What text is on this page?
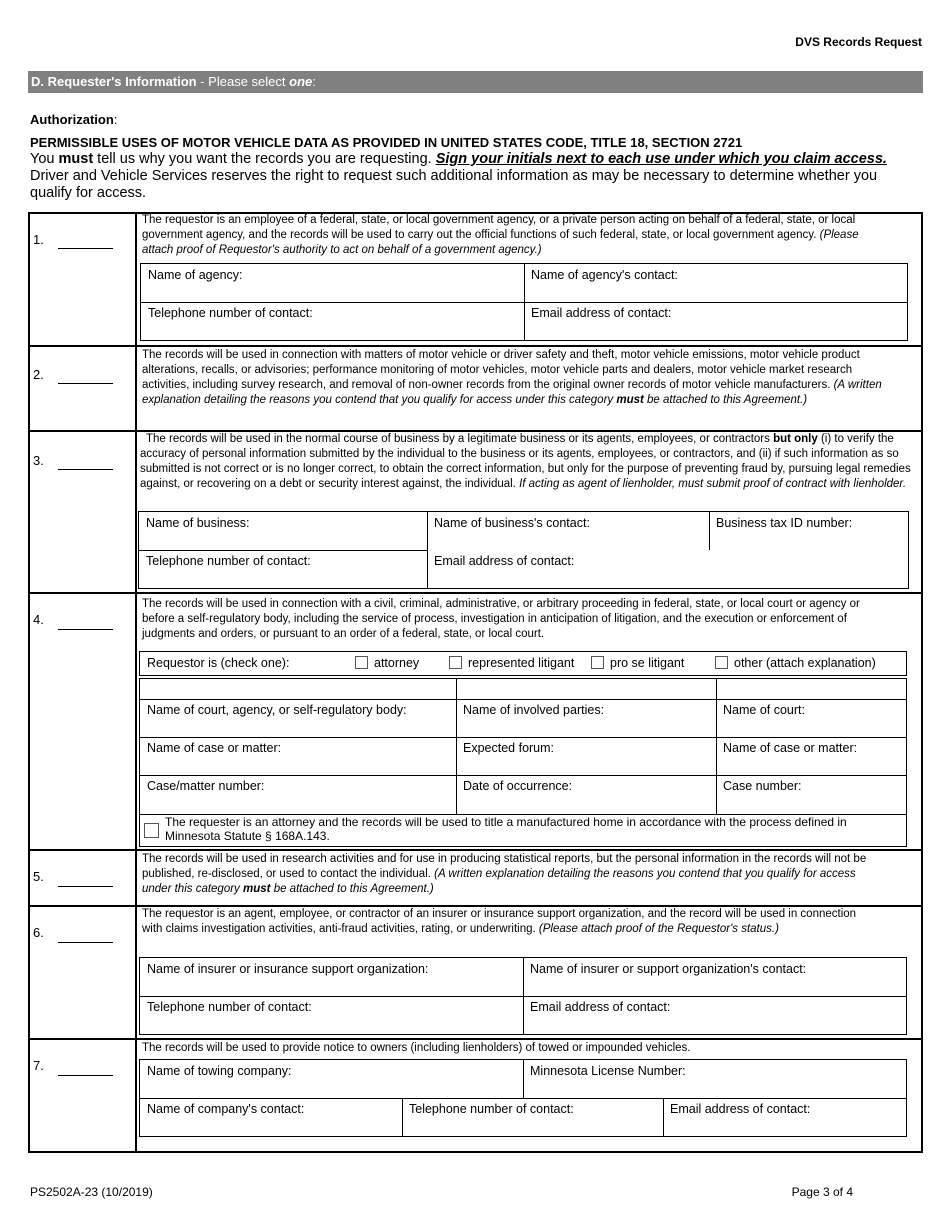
DVS Records Request
D. Requester's Information - Please select one:
Authorization:
PERMISSIBLE USES OF MOTOR VEHICLE DATA AS PROVIDED IN UNITED STATES CODE, TITLE 18, SECTION 2721
You must tell us why you want the records you are requesting. Sign your initials next to each use under which you claim access. Driver and Vehicle Services reserves the right to request such additional information as may be necessary to determine whether you qualify for access.
1.
The requestor is an employee of a federal, state, or local government agency, or a private person acting on behalf of a federal, state, or local government agency, and the records will be used to carry out the official functions of such federal, state, or local government agency. (Please attach proof of Requestor's authority to act on behalf of a government agency.)
Name of agency:	Name of agency's contact:
Telephone number of contact:	Email address of contact:
2.
The records will be used in connection with matters of motor vehicle or driver safety and theft, motor vehicle emissions, motor vehicle product alterations, recalls, or advisories; performance monitoring of motor vehicles, motor vehicle parts and dealers, motor vehicle market research activities, including survey research, and removal of non-owner records from the original owner records of motor vehicle manufacturers. (A written explanation detailing the reasons you contend that you qualify for access under this category must be attached to this Agreement.)
3.
The records will be used in the normal course of business by a legitimate business or its agents, employees, or contractors but only (i) to verify the accuracy of personal information submitted by the individual to the business or its agents, employees, or contractors, and (ii) if such information as so submitted is not correct or is no longer correct, to obtain the correct information, but only for the purpose of preventing fraud by, pursuing legal remedies against, or recovering on a debt or security interest against, the individual. If acting as agent of lienholder, must submit proof of contract with lienholder.
Name of business:	Name of business's contact:	Business tax ID number:
Telephone number of contact:	Email address of contact:
4.
The records will be used in connection with a civil, criminal, administrative, or arbitrary proceeding in federal, state, or local court or agency or before a self-regulatory body, including the service of process, investigation in anticipation of litigation, and the execution or enforcement of judgments and orders, or pursuant to an order of a federal, state, or local court.
Requestor is (check one):	attorney	represented litigant	pro se litigant	other (attach explanation)
Name of court, agency, or self-regulatory body:	Name of involved parties:	Name of court:
Name of case or matter:	Expected forum:	Name of case or matter:
Case/matter number:	Date of occurrence:	Case number:
The requester is an attorney and the records will be used to title a manufactured home in accordance with the process defined in Minnesota Statute § 168A.143.
5.
The records will be used in research activities and for use in producing statistical reports, but the personal information in the records will not be published, re-disclosed, or used to contact the individual. (A written explanation detailing the reasons you contend that you qualify for access under this category must be attached to this Agreement.)
6.
The requestor is an agent, employee, or contractor of an insurer or insurance support organization, and the record will be used in connection with claims investigation activities, anti-fraud activities, rating, or underwriting. (Please attach proof of the Requestor's status.)
Name of insurer or insurance support organization:	Name of insurer or support organization's contact:
Telephone number of contact:	Email address of contact:
7.
The records will be used to provide notice to owners (including lienholders) of towed or impounded vehicles.
Name of towing company:	Minnesota License Number:
Name of company's contact:	Telephone number of contact:	Email address of contact:
PS2502A-23 (10/2019)	Page 3 of 4
